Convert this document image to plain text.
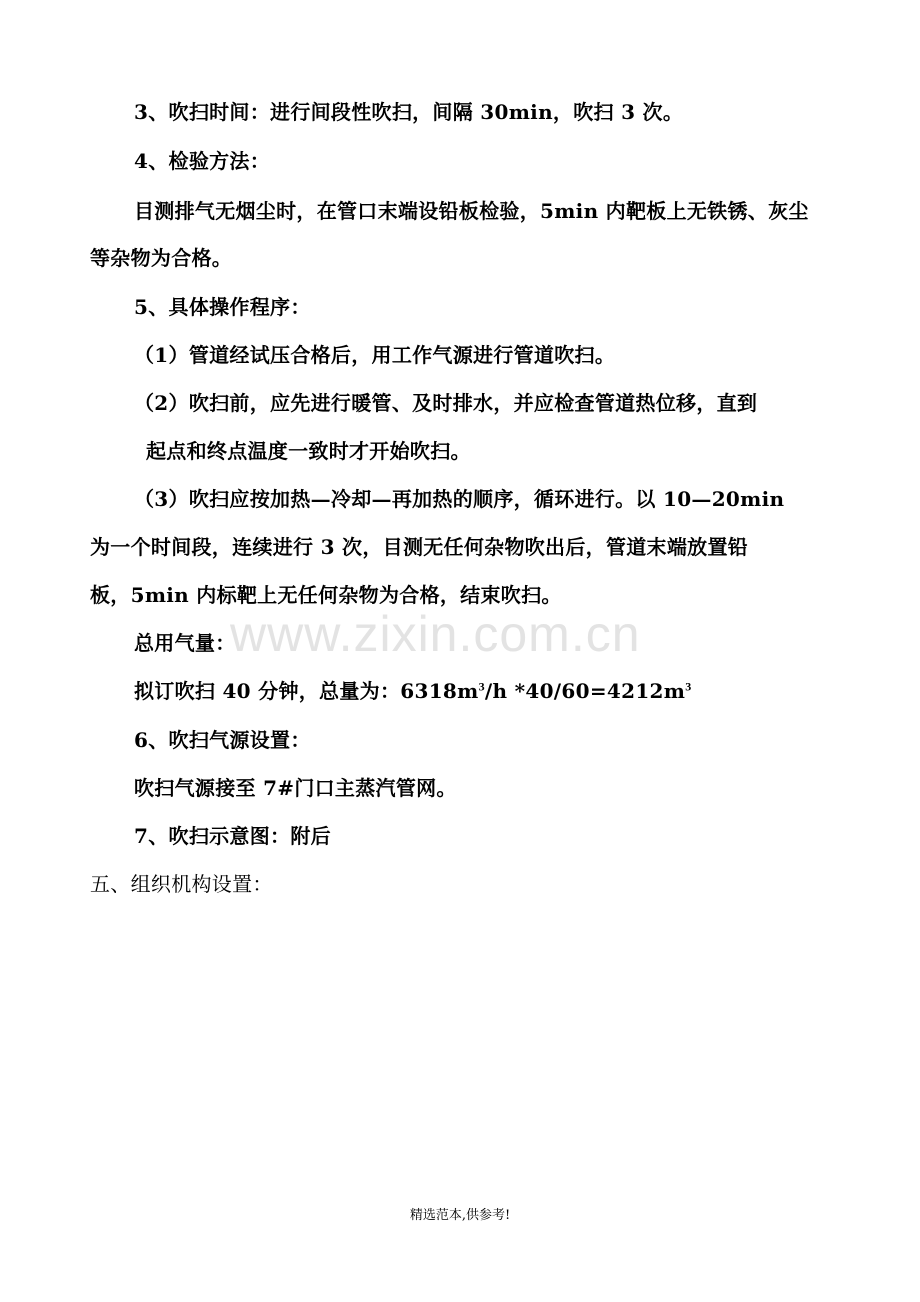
www.zixin.com.cn
3、吹扫时间：进行间段性吹扫，间隔 30min，吹扫 3 次。
4、检验方法：
目测排气无烟尘时，在管口末端设铅板检验，5min 内靶板上无铁锈、灰尘
等杂物为合格。
5、具体操作程序：
（1）管道经试压合格后，用工作气源进行管道吹扫。
（2）吹扫前，应先进行暖管、及时排水，并应检查管道热位移，直到
起点和终点温度一致时才开始吹扫。
（3）吹扫应按加热—冷却—再加热的顺序，循环进行。以 10—20min
为一个时间段，连续进行 3 次，目测无任何杂物吹出后，管道末端放置铅
板，5min 内标靶上无任何杂物为合格，结束吹扫。
总用气量：
拟订吹扫 40 分钟，总量为：$6318m^3/h$ $*40/60=4212m^3$
6、吹扫气源设置：
吹扫气源接至 7#门口主蒸汽管网。
7、吹扫示意图：附后
五、组织机构设置：
精选范本,供参考!
